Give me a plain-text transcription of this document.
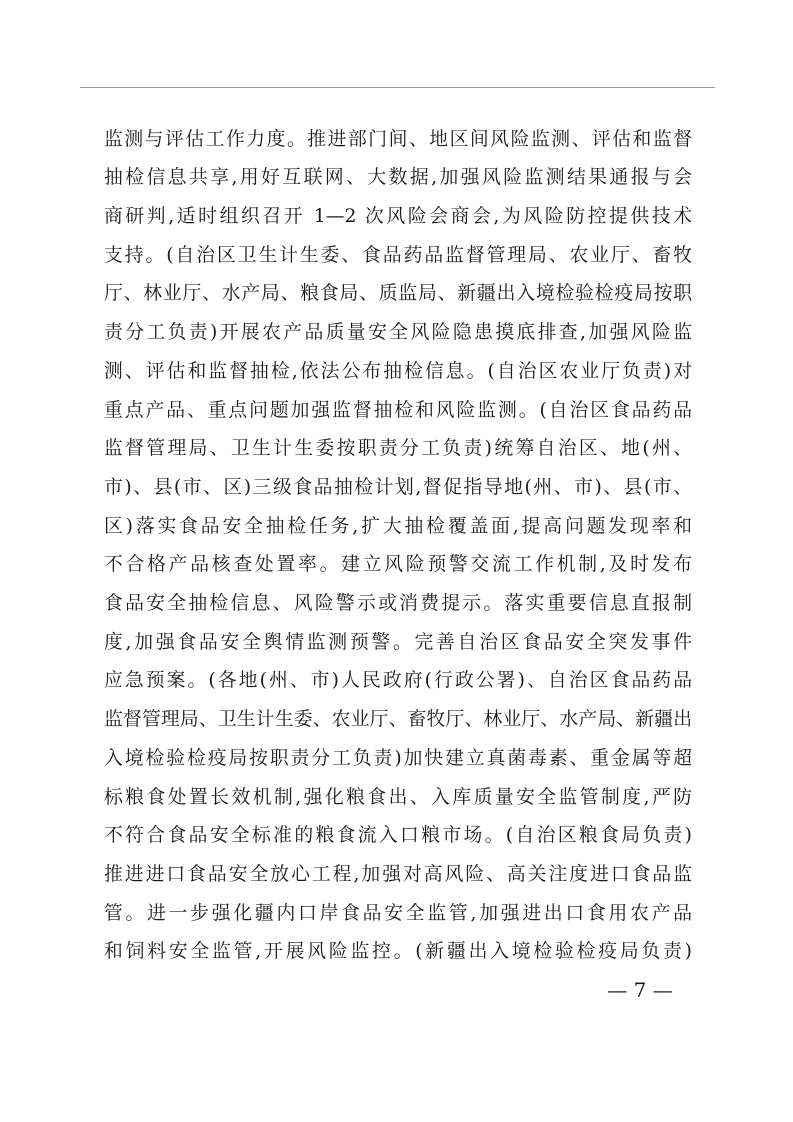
监测与评估工作力度。推进部门间、地区间风险监测、评估和监督
抽检信息共享,用好互联网、大数据,加强风险监测结果通报与会
商研判,适时组织召开 1—2 次风险会商会,为风险防控提供技术
支持。(自治区卫生计生委、食品药品监督管理局、农业厅、畜牧
厅、林业厅、水产局、粮食局、质监局、新疆出入境检验检疫局按职
责分工负责)开展农产品质量安全风险隐患摸底排查,加强风险监
测、评估和监督抽检,依法公布抽检信息。(自治区农业厅负责)对
重点产品、重点问题加强监督抽检和风险监测。(自治区食品药品
监督管理局、卫生计生委按职责分工负责)统筹自治区、地(州、
市)、县(市、区)三级食品抽检计划,督促指导地(州、市)、县(市、
区)落实食品安全抽检任务,扩大抽检覆盖面,提高问题发现率和
不合格产品核查处置率。建立风险预警交流工作机制,及时发布
食品安全抽检信息、风险警示或消费提示。落实重要信息直报制
度,加强食品安全舆情监测预警。完善自治区食品安全突发事件
应急预案。(各地(州、市)人民政府(行政公署)、自治区食品药品
监督管理局、卫生计生委、农业厅、畜牧厅、林业厅、水产局、新疆出
入境检验检疫局按职责分工负责)加快建立真菌毒素、重金属等超
标粮食处置长效机制,强化粮食出、入库质量安全监管制度,严防
不符合食品安全标准的粮食流入口粮市场。(自治区粮食局负责)
推进进口食品安全放心工程,加强对高风险、高关注度进口食品监
管。进一步强化疆内口岸食品安全监管,加强进出口食用农产品
和饲料安全监管,开展风险监控。(新疆出入境检验检疫局负责)
— 7 —
